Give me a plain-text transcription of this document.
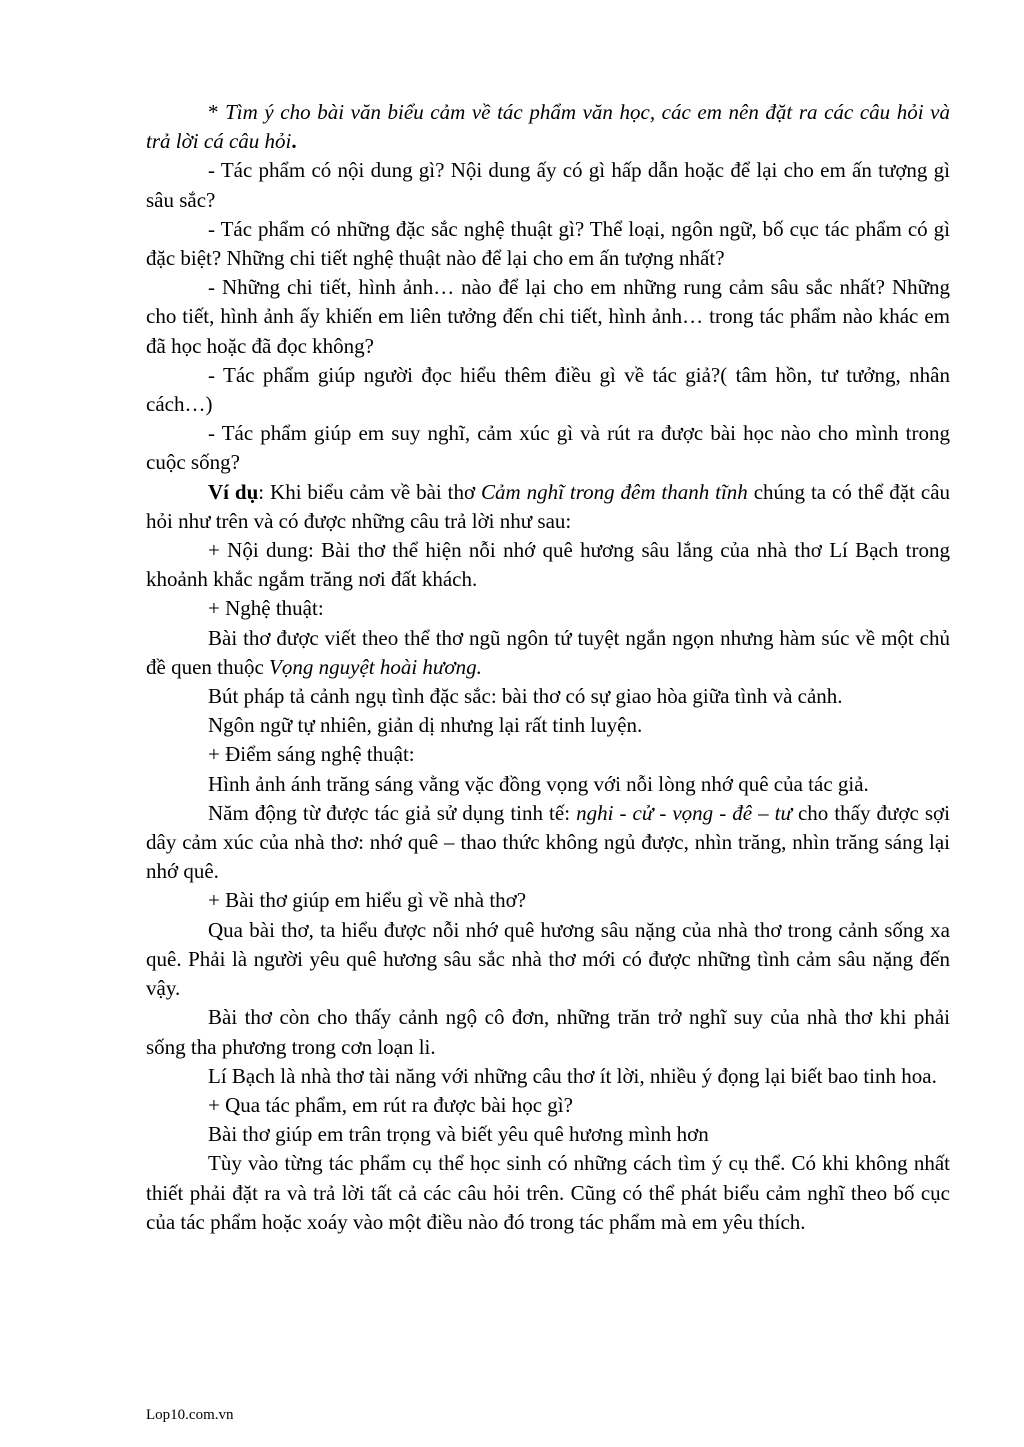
* Tìm ý cho bài văn biểu cảm về tác phẩm văn học, các em nên đặt ra các câu hỏi và trả lời cá câu hỏi.

- Tác phẩm có nội dung gì? Nội dung ấy có gì hấp dẫn hoặc để lại cho em ấn tượng gì sâu sắc?

- Tác phẩm có những đặc sắc nghệ thuật gì? Thể loại, ngôn ngữ, bố cục tác phẩm có gì đặc biệt? Những chi tiết nghệ thuật nào để lại cho em ấn tượng nhất?

- Những chi tiết, hình ảnh… nào để lại cho em những rung cảm sâu sắc nhất? Những cho tiết, hình ảnh ấy khiến em liên tưởng đến chi tiết, hình ảnh… trong tác phẩm nào khác em đã học hoặc đã đọc không?

- Tác phẩm giúp người đọc hiểu thêm điều gì về tác giả?( tâm hồn, tư tưởng, nhân cách…)

- Tác phẩm giúp em suy nghĩ, cảm xúc gì và rút ra được bài học nào cho mình trong cuộc sống?

Ví dụ: Khi biểu cảm về bài thơ Cảm nghĩ trong đêm thanh tĩnh chúng ta có thể đặt câu hỏi như trên và có được những câu trả lời như sau:

+ Nội dung: Bài thơ thể hiện nỗi nhớ quê hương sâu lắng của nhà thơ Lí Bạch trong khoảnh khắc ngắm trăng nơi đất khách.

+ Nghệ thuật:

Bài thơ được viết theo thể thơ ngũ ngôn tứ tuyệt ngắn ngọn nhưng hàm súc về một chủ đề quen thuộc Vọng nguyệt hoài hương.

Bút pháp tả cảnh ngụ tình đặc sắc: bài thơ có sự giao hòa giữa tình và cảnh.

Ngôn ngữ tự nhiên, giản dị nhưng lại rất tinh luyện.

+ Điểm sáng nghệ thuật:

Hình ảnh ánh trăng sáng vằng vặc đồng vọng với nỗi lòng nhớ quê của tác giả.

Năm động từ được tác giả sử dụng tinh tế: nghi - cử - vọng - đê – tư cho thấy được sợi dây cảm xúc của nhà thơ: nhớ quê – thao thức không ngủ được, nhìn trăng, nhìn trăng sáng lại nhớ quê.

+ Bài thơ giúp em hiểu gì về nhà thơ?

Qua bài thơ, ta hiểu được nỗi nhớ quê hương sâu nặng của nhà thơ trong cảnh sống xa quê. Phải là người yêu quê hương sâu sắc nhà thơ mới có được những tình cảm sâu nặng đến vậy.

Bài thơ còn cho thấy cảnh ngộ cô đơn, những trăn trở nghĩ suy của nhà thơ khi phải sống tha phương trong cơn loạn li.

Lí Bạch là nhà thơ tài năng với những câu thơ ít lời, nhiều ý đọng lại biết bao tinh hoa.

+ Qua tác phẩm, em rút ra được bài học gì?

Bài thơ giúp em trân trọng và biết yêu quê hương mình hơn

Tùy vào từng tác phẩm cụ thể học sinh có những cách tìm ý cụ thể. Có khi không nhất thiết phải đặt ra và trả lời tất cả các câu hỏi trên. Cũng có thể phát biểu cảm nghĩ theo bố cục của tác phẩm hoặc xoáy vào một điều nào đó trong tác phẩm mà em yêu thích.

Lop10.com.vn
